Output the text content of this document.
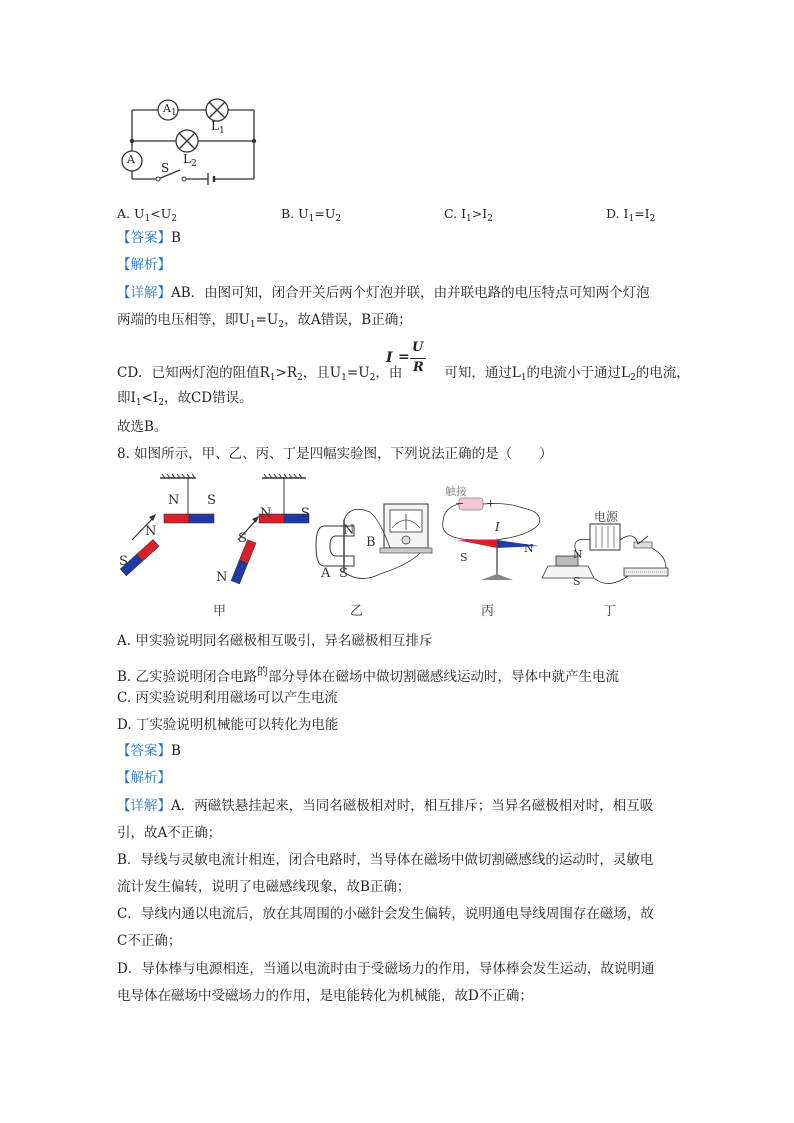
$A_1$
A
$L_1$
$L_2$
S
A. $U_1<U_2$	B. $U_1=U_2$	C. $I_1>I_2$	D. $I_1=I_2$
【答案】B
【解析】
【详解】AB．由图可知，闭合开关后两个灯泡并联，由并联电路的电压特点可知两个灯泡
两端的电压相等，即$U_1=U_2$，故A错误，B正确；
CD．已知两灯泡的阻值$R_1>R_2$，且$U_1=U_2$，由	可知，通过$L_1$的电流小于通过$L_2$的电流，
I =
U
R
即$I_1<I_2$，故CD错误。
故选B。
8. 如图所示，甲、乙、丙、丁是四幅实验图，下列说法正确的是（　　）
N S
N
S
N S
S
N
N
B
A S
触接
− +
I
S
N
电源
N
S
甲	乙	丙	丁
A. 甲实验说明同名磁极相互吸引，异名磁极相互排斥
B. 乙实验说明闭合电路$^的$部分导体在磁场中做切割磁感线运动时，导体中就产生电流
C. 丙实验说明利用磁场可以产生电流
D. 丁实验说明机械能可以转化为电能
【答案】B
【解析】
【详解】A．两磁铁悬挂起来，当同名磁极相对时，相互排斥；当异名磁极相对时，相互吸
引，故A不正确；
B．导线与灵敏电流计相连，闭合电路时，当导体在磁场中做切割磁感线的运动时，灵敏电
流计发生偏转，说明了电磁感线现象，故B正确；
C．导线内通以电流后，放在其周围的小磁针会发生偏转，说明通电导线周围存在磁场，故
C不正确；
D．导体棒与电源相连，当通以电流时由于受磁场力的作用，导体棒会发生运动，故说明通
电导体在磁场中受磁场力的作用，是电能转化为机械能，故D不正确；
